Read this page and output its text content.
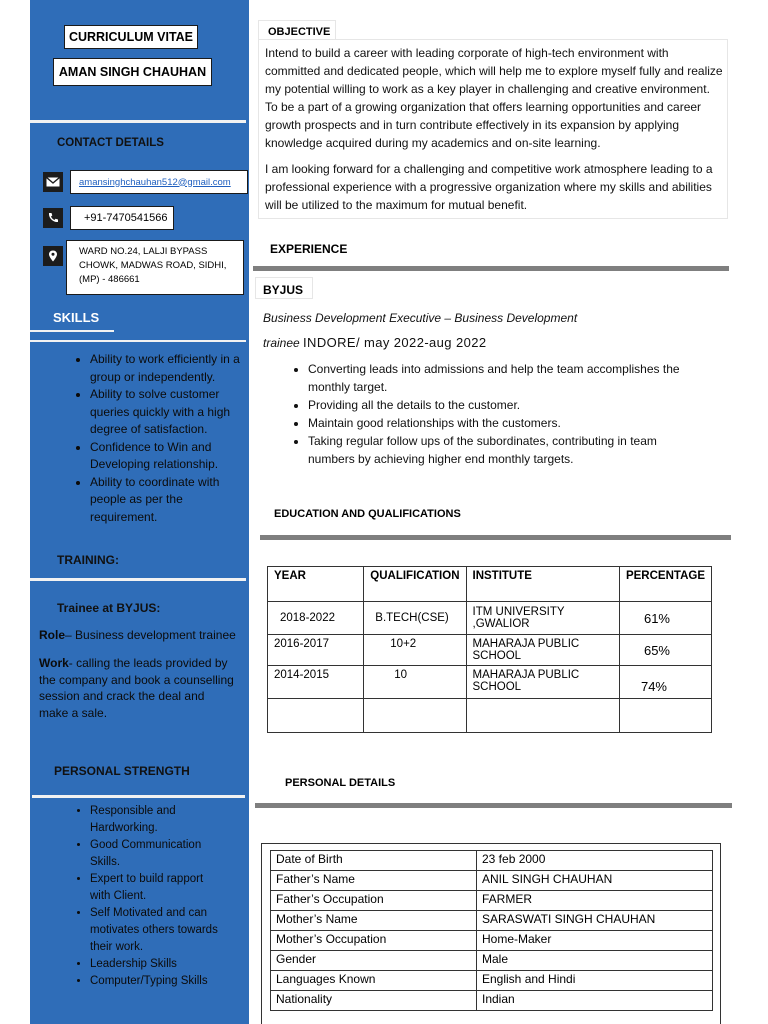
CURRICULUM VITAE
AMAN SINGH CHAUHAN
CONTACT DETAILS
amansinghchauhan512@gmail.com
+91-7470541566
WARD NO.24, LALJI BYPASS CHOWK, MADWAS ROAD, SIDHI, (MP) - 486661
SKILLS
• Ability to work efficiently in a group or independently.
• Ability to solve customer queries quickly with a high degree of satisfaction.
• Confidence to Win and Developing relationship.
• Ability to coordinate with people as per the requirement.
TRAINING:
Trainee at BYJUS:
Role– Business development trainee
Work- calling the leads provided by the company and book a counselling session and crack the deal and make a sale.
PERSONAL STRENGTH
• Responsible and Hardworking.
• Good Communication Skills.
• Expert to build rapport with Client.
• Self Motivated and can motivates others towards their work.
• Leadership Skills
• Computer/Typing Skills
OBJECTIVE
Intend to build a career with leading corporate of high-tech environment with committed and dedicated people, which will help me to explore myself fully and realize my potential willing to work as a key player in challenging and creative environment. To be a part of a growing organization that offers learning opportunities and career growth prospects and in turn contribute effectively in its expansion by applying knowledge acquired during my academics and on-site learning.
I am looking forward for a challenging and competitive work atmosphere leading to a professional experience with a progressive organization where my skills and abilities will be utilized to the maximum for mutual benefit.
EXPERIENCE
BYJUS
Business Development Executive – Business Development
trainee INDORE/ may 2022-aug 2022
• Converting leads into admissions and help the team accomplishes the monthly target.
• Providing all the details to the customer.
• Maintain good relationships with the customers.
• Taking regular follow ups of the subordinates, contributing in team numbers by achieving higher end monthly targets.
EDUCATION AND QUALIFICATIONS
YEAR	QUALIFICATION	INSTITUTE	PERCENTAGE
2018-2022	B.TECH(CSE)	ITM UNIVERSITY ,GWALIOR	61%
2016-2017	10+2	MAHARAJA PUBLIC SCHOOL	65%
2014-2015	10	MAHARAJA PUBLIC SCHOOL	74%

PERSONAL DETAILS
Date of Birth	23 feb 2000
Father’s Name	ANIL SINGH CHAUHAN
Father’s Occupation	FARMER
Mother’s Name	SARASWATI SINGH CHAUHAN
Mother’s Occupation	Home-Maker
Gender	Male
Languages Known	English and Hindi
Nationality	Indian
